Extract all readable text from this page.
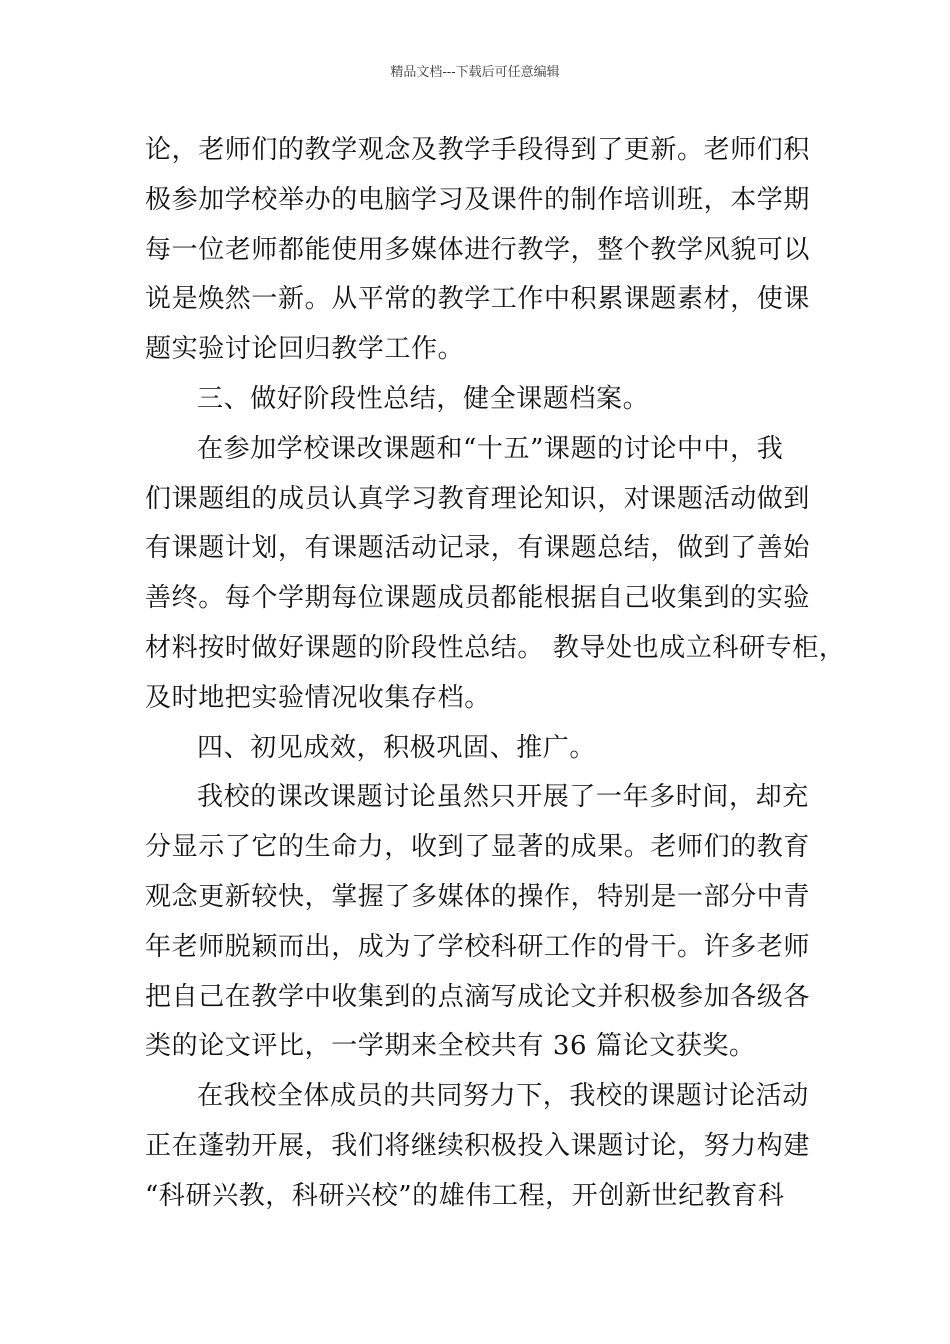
精品文档---下载后可任意编辑
论，老师们的教学观念及教学手段得到了更新。老师们积
极参加学校举办的电脑学习及课件的制作培训班，本学期
每一位老师都能使用多媒体进行教学，整个教学风貌可以
说是焕然一新。从平常的教学工作中积累课题素材，使课
题实验讨论回归教学工作。
三、做好阶段性总结，健全课题档案。
在参加学校课改课题和“十五”课题的讨论中中，我
们课题组的成员认真学习教育理论知识，对课题活动做到
有课题计划，有课题活动记录，有课题总结，做到了善始
善终。每个学期每位课题成员都能根据自己收集到的实验
材料按时做好课题的阶段性总结。 教导处也成立科研专柜，
及时地把实验情况收集存档。
四、初见成效，积极巩固、推广。
我校的课改课题讨论虽然只开展了一年多时间，却充
分显示了它的生命力，收到了显著的成果。老师们的教育
观念更新较快，掌握了多媒体的操作，特别是一部分中青
年老师脱颖而出，成为了学校科研工作的骨干。许多老师
把自己在教学中收集到的点滴写成论文并积极参加各级各
类的论文评比，一学期来全校共有 36 篇论文获奖。
在我校全体成员的共同努力下，我校的课题讨论活动
正在蓬勃开展，我们将继续积极投入课题讨论，努力构建
“科研兴教，科研兴校”的雄伟工程，开创新世纪教育科
